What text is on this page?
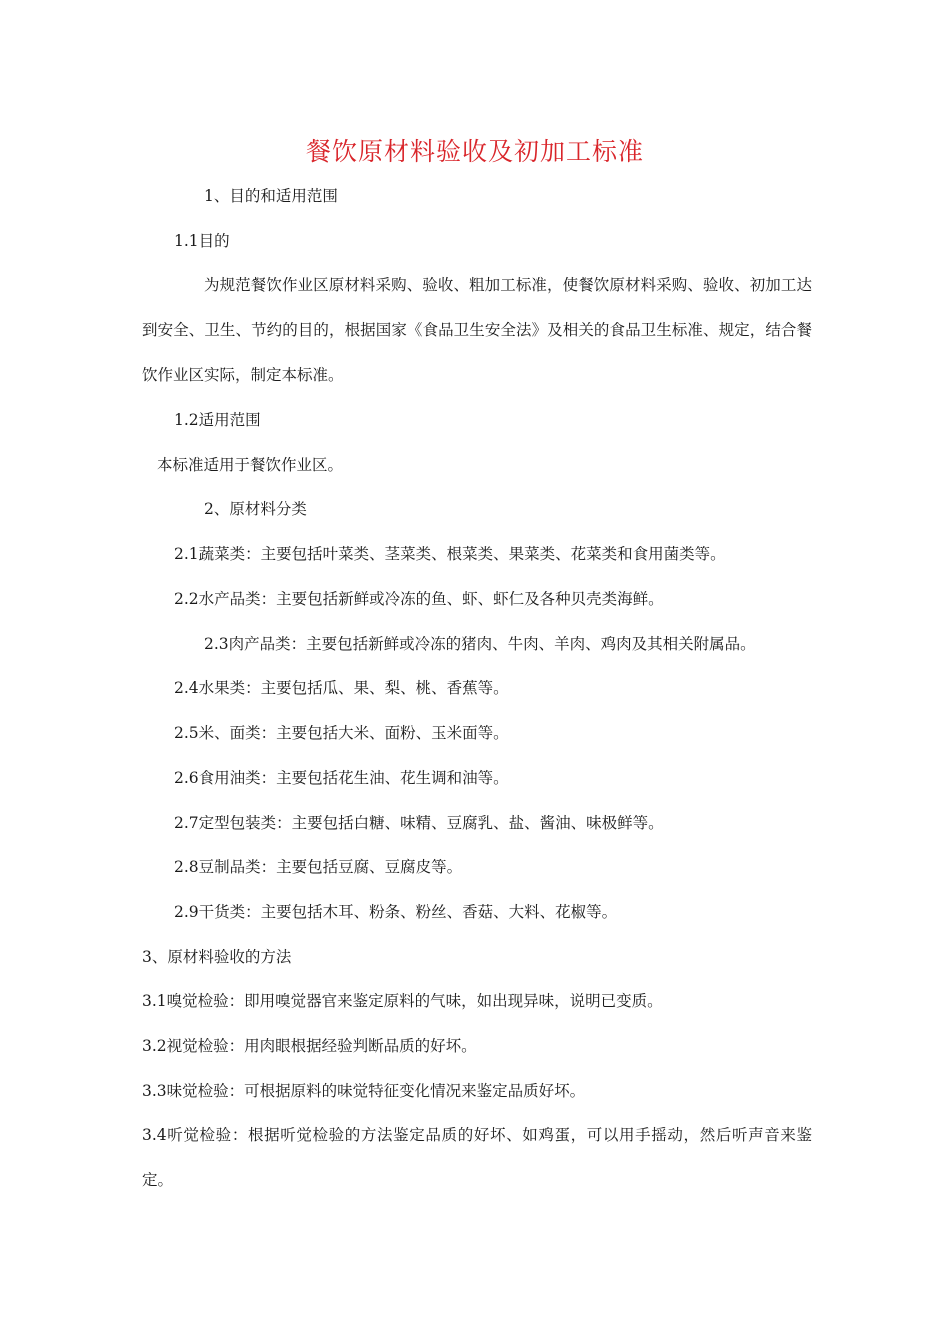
餐饮原材料验收及初加工标准
1、目的和适用范围
1.1目的
为规范餐饮作业区原材料采购、验收、粗加工标准，使餐饮原材料采购、验收、初加工达到安全、卫生、节约的目的，根据国家《食品卫生安全法》及相关的食品卫生标准、规定，结合餐饮作业区实际，制定本标准。
1.2适用范围
本标准适用于餐饮作业区。
2、原材料分类
2.1蔬菜类：主要包括叶菜类、茎菜类、根菜类、果菜类、花菜类和食用菌类等。
2.2水产品类：主要包括新鲜或冷冻的鱼、虾、虾仁及各种贝壳类海鲜。
2.3肉产品类：主要包括新鲜或冷冻的猪肉、牛肉、羊肉、鸡肉及其相关附属品。
2.4水果类：主要包括瓜、果、梨、桃、香蕉等。
2.5米、面类：主要包括大米、面粉、玉米面等。
2.6食用油类：主要包括花生油、花生调和油等。
2.7定型包装类：主要包括白糖、味精、豆腐乳、盐、酱油、味极鲜等。
2.8豆制品类：主要包括豆腐、豆腐皮等。
2.9干货类：主要包括木耳、粉条、粉丝、香菇、大料、花椒等。
3、原材料验收的方法
3.1嗅觉检验：即用嗅觉器官来鉴定原料的气味，如出现异味，说明已变质。
3.2视觉检验：用肉眼根据经验判断品质的好坏。
3.3味觉检验：可根据原料的味觉特征变化情况来鉴定品质好坏。
3.4听觉检验：根据听觉检验的方法鉴定品质的好坏、如鸡蛋，可以用手摇动，然后听声音来鉴定。
